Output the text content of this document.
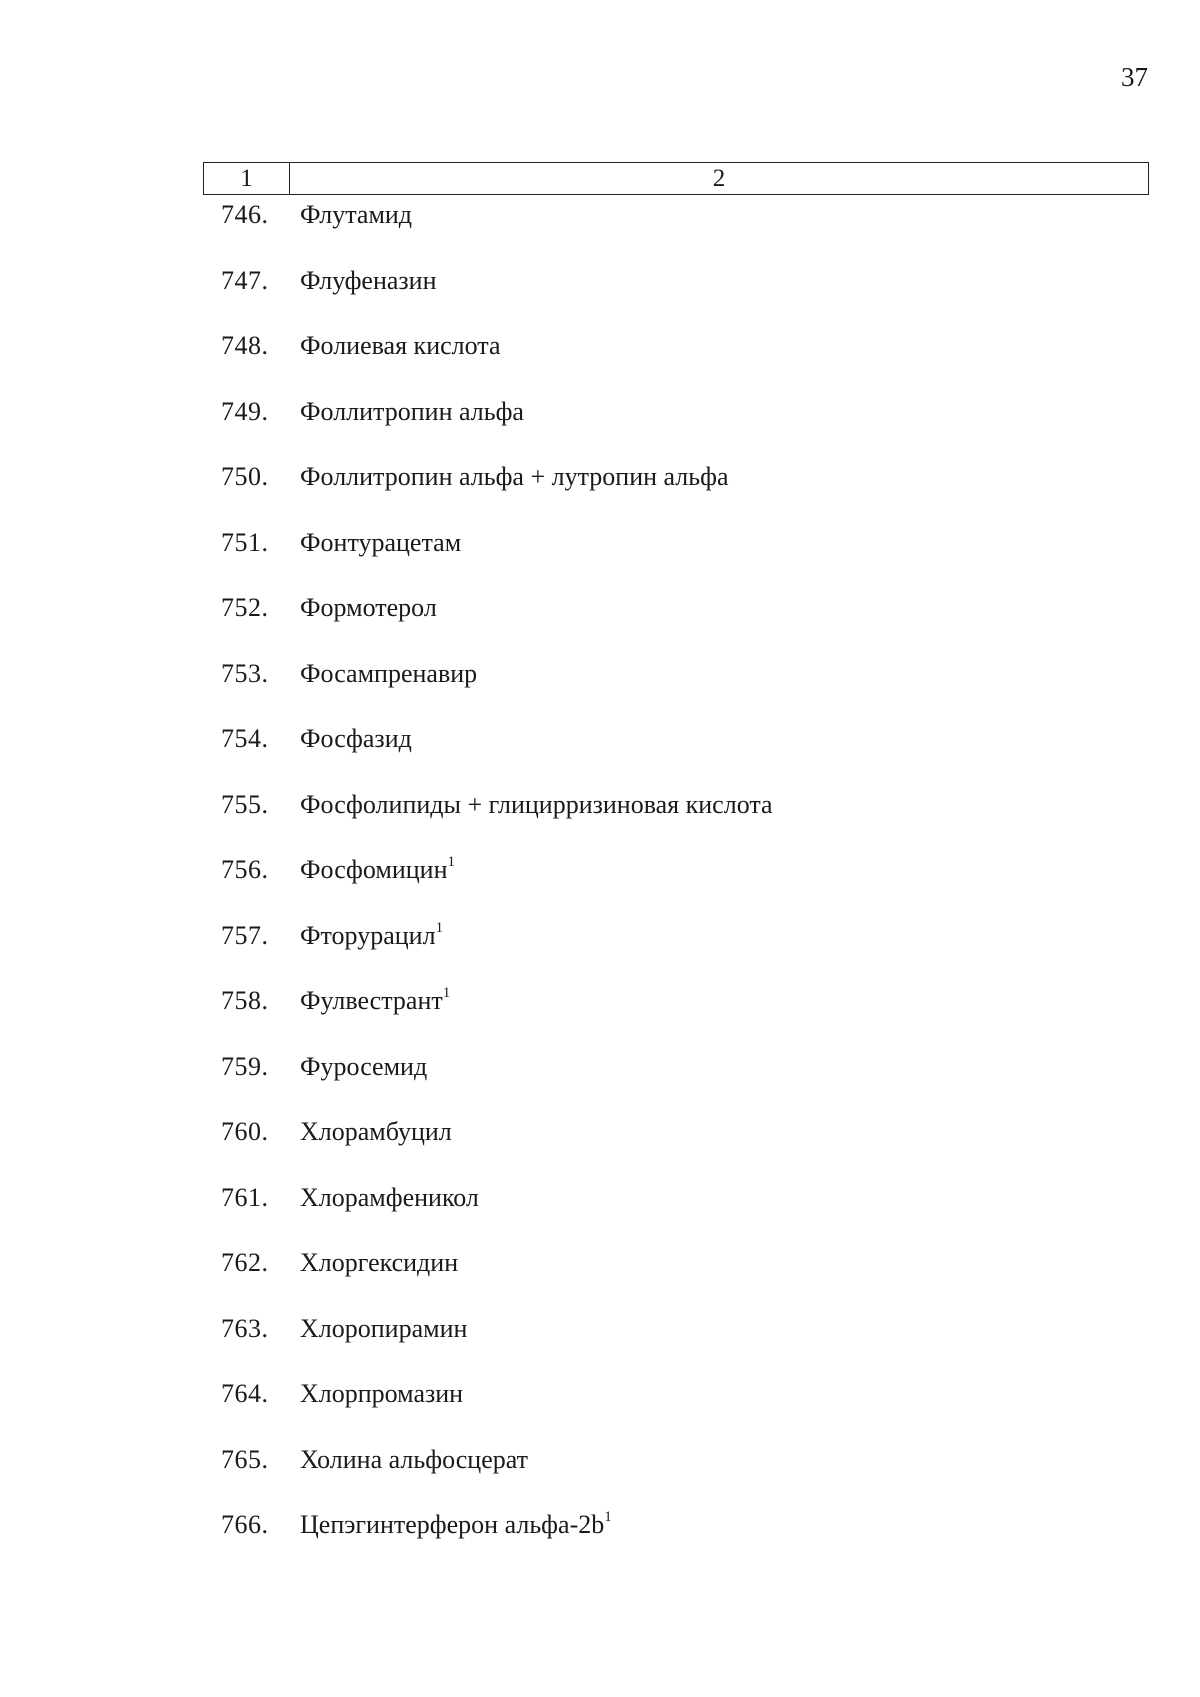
37
1	2
746. Флутамид
747. Флуфеназин
748. Фолиевая кислота
749. Фоллитропин альфа
750. Фоллитропин альфа + лутропин альфа
751. Фонтурацетам
752. Формотерол
753. Фосампренавир
754. Фосфазид
755. Фосфолипиды + глицирризиновая кислота
756. Фосфомицин$^1$
757. Фторурацил$^1$
758. Фулвестрант$^1$
759. Фуросемид
760. Хлорамбуцил
761. Хлорамфеникол
762. Хлоргексидин
763. Хлоропирамин
764. Хлорпромазин
765. Холина альфосцерат
766. Цепэгинтерферон альфа-$2b^1$
